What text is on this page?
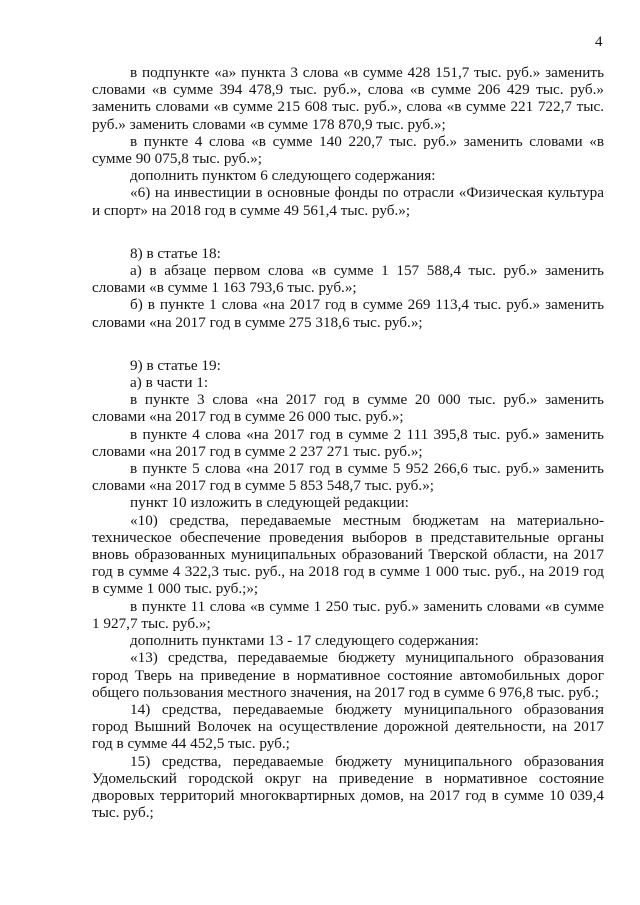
4

в подпункте «а» пункта 3 слова «в сумме 428 151,7 тыс. руб.» заменить словами «в сумме 394 478,9 тыс. руб.», слова «в сумме 206 429 тыс. руб.» заменить словами «в сумме 215 608 тыс. руб.», слова «в сумме 221 722,7 тыс. руб.» заменить словами «в сумме 178 870,9 тыс. руб.»;

в пункте 4 слова «в сумме 140 220,7 тыс. руб.» заменить словами «в сумме 90 075,8 тыс. руб.»;

дополнить пунктом 6 следующего содержания:

«6) на инвестиции в основные фонды по отрасли «Физическая культура и спорт» на 2018 год в сумме 49 561,4 тыс. руб.»;

8) в статье 18:

а) в абзаце первом слова «в сумме 1 157 588,4 тыс. руб.» заменить словами «в сумме 1 163 793,6 тыс. руб.»;

б) в пункте 1 слова «на 2017 год в сумме 269 113,4 тыс. руб.» заменить словами «на 2017 год в сумме 275 318,6 тыс. руб.»;

9) в статье 19:

а) в части 1:

в пункте 3 слова «на 2017 год в сумме 20 000 тыс. руб.» заменить словами «на 2017 год в сумме 26 000 тыс. руб.»;

в пункте 4 слова «на 2017 год в сумме 2 111 395,8 тыс. руб.» заменить словами «на 2017 год в сумме 2 237 271 тыс. руб.»;

в пункте 5 слова «на 2017 год в сумме 5 952 266,6 тыс. руб.» заменить словами «на 2017 год в сумме 5 853 548,7 тыс. руб.»;

пункт 10 изложить в следующей редакции:

«10) средства, передаваемые местным бюджетам на материально-техническое обеспечение проведения выборов в представительные органы вновь образованных муниципальных образований Тверской области, на 2017 год в сумме 4 322,3 тыс. руб., на 2018 год в сумме 1 000 тыс. руб., на 2019 год в сумме 1 000 тыс. руб.;»;

в пункте 11 слова «в сумме 1 250 тыс. руб.» заменить словами «в сумме 1 927,7 тыс. руб.»;

дополнить пунктами 13 - 17 следующего содержания:

«13) средства, передаваемые бюджету муниципального образования город Тверь на приведение в нормативное состояние автомобильных дорог общего пользования местного значения, на 2017 год в сумме 6 976,8 тыс. руб.;

14) средства, передаваемые бюджету муниципального образования город Вышний Волочек на осуществление дорожной деятельности, на 2017 год в сумме 44 452,5 тыс. руб.;

15) средства, передаваемые бюджету муниципального образования Удомельский городской округ на приведение в нормативное состояние дворовых территорий многоквартирных домов, на 2017 год в сумме 10 039,4 тыс. руб.;
